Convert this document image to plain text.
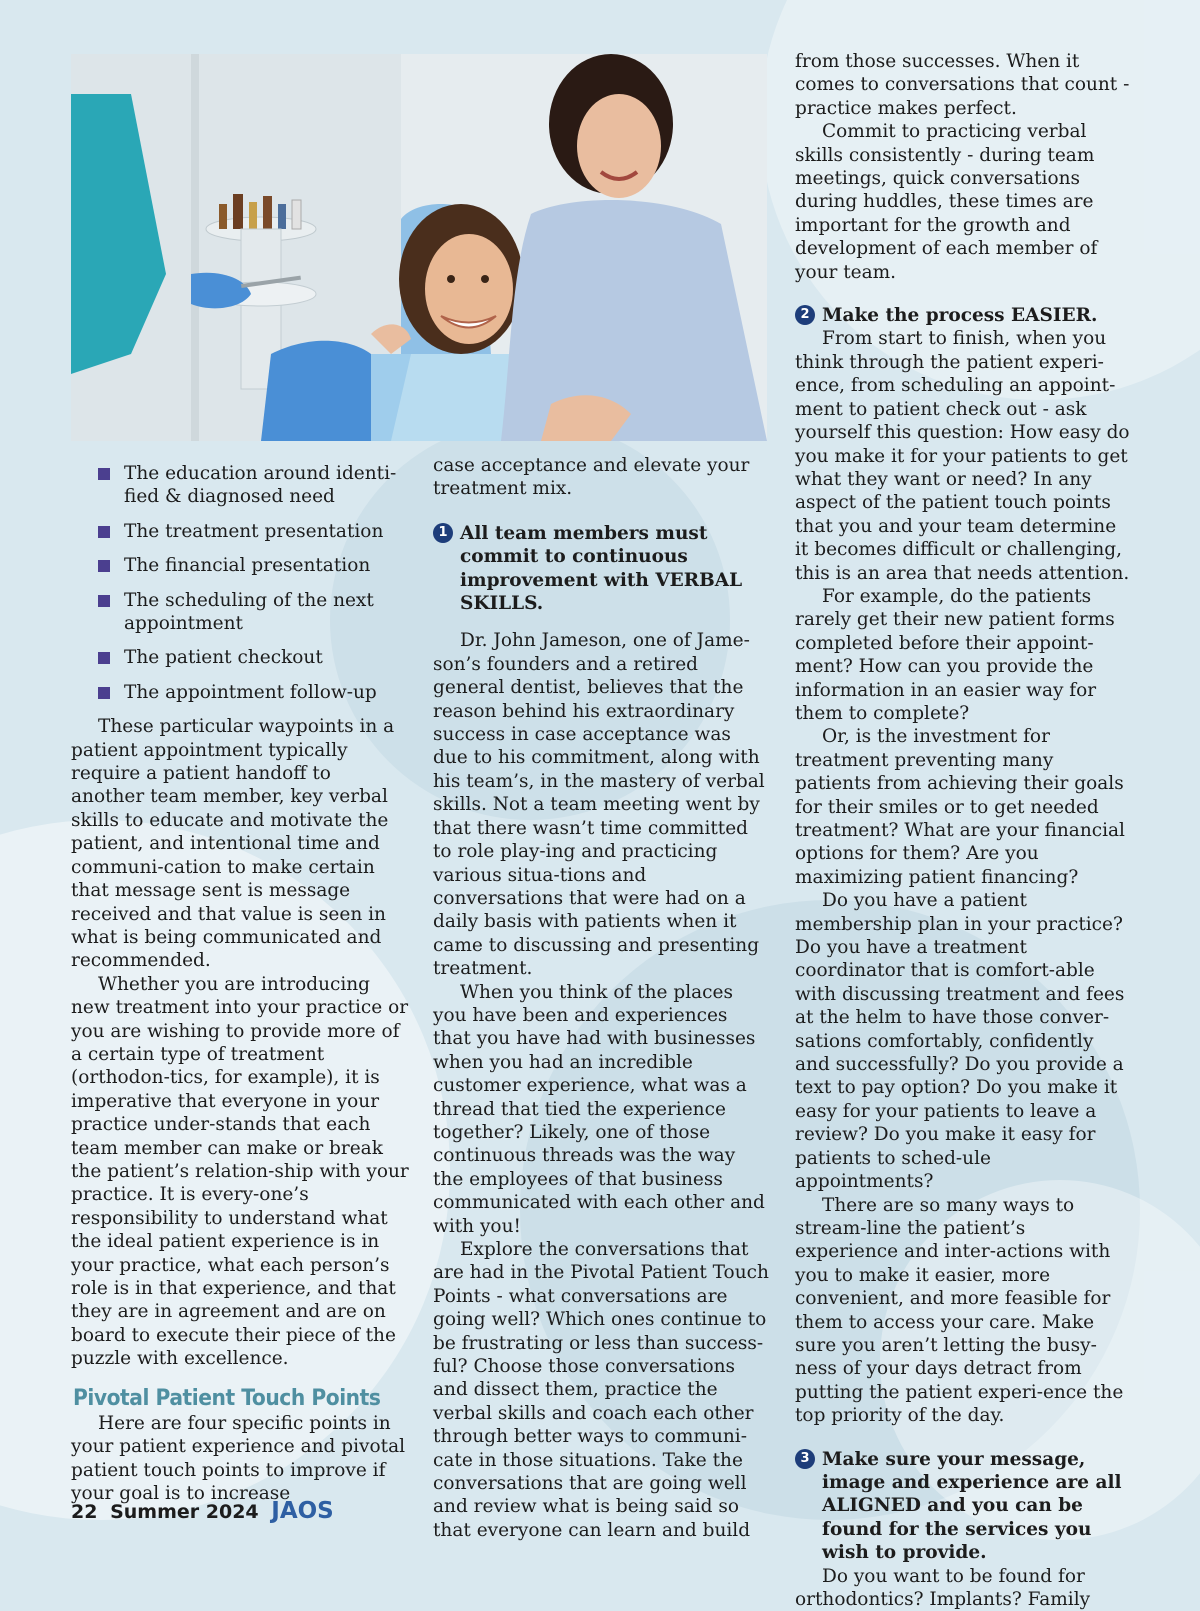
The education around identi-fied & diagnosed need
The treatment presentation
The financial presentation
The scheduling of the next appointment
The patient checkout
The appointment follow-up

These particular waypoints in a patient appointment typically require a patient handoff to another team member, key verbal skills to educate and motivate the patient, and intentional time and communi-cation to make certain that message sent is message received and that value is seen in what is being communicated and recommended.

Whether you are introducing new treatment into your practice or you are wishing to provide more of a certain type of treatment (orthodon-tics, for example), it is imperative that everyone in your practice under-stands that each team member can make or break the patient’s relation-ship with your practice. It is every-one’s responsibility to understand what the ideal patient experience is in your practice, what each person’s role is in that experience, and that they are in agreement and are on board to execute their piece of the puzzle with excellence.

Pivotal Patient Touch Points

Here are four specific points in your patient experience and pivotal patient touch points to improve if your goal is to increase

case acceptance and elevate your treatment mix.

1 All team members must commit to continuous improvement with VERBAL SKILLS.

Dr. John Jameson, one of Jame-son’s founders and a retired general dentist, believes that the reason behind his extraordinary success in case acceptance was due to his commitment, along with his team’s, in the mastery of verbal skills. Not a team meeting went by that there wasn’t time committed to role play-ing and practicing various situa-tions and conversations that were had on a daily basis with patients when it came to discussing and presenting treatment.

When you think of the places you have been and experiences that you have had with businesses when you had an incredible customer experience, what was a thread that tied the experience together? Likely, one of those continuous threads was the way the employees of that business communicated with each other and with you!

Explore the conversations that are had in the Pivotal Patient Touch Points - what conversations are going well? Which ones continue to be frustrating or less than success-ful? Choose those conversations and dissect them, practice the verbal skills and coach each other through better ways to communi-cate in those situations. Take the conversations that are going well and review what is being said so that everyone can learn and build

from those successes. When it comes to conversations that count - practice makes perfect.

Commit to practicing verbal skills consistently - during team meetings, quick conversations during huddles, these times are important for the growth and development of each member of your team.

2 Make the process EASIER.

From start to finish, when you think through the patient experi-ence, from scheduling an appoint-ment to patient check out - ask yourself this question: How easy do you make it for your patients to get what they want or need? In any aspect of the patient touch points that you and your team determine it becomes difficult or challenging, this is an area that needs attention.

For example, do the patients rarely get their new patient forms completed before their appoint-ment? How can you provide the information in an easier way for them to complete?

Or, is the investment for treatment preventing many patients from achieving their goals for their smiles or to get needed treatment? What are your financial options for them? Are you maximizing patient financing?

Do you have a patient membership plan in your practice? Do you have a treatment coordinator that is comfort-able with discussing treatment and fees at the helm to have those conver-sations comfortably, confidently and successfully? Do you provide a text to pay option? Do you make it easy for your patients to leave a review? Do you make it easy for patients to sched-ule appointments?

There are so many ways to stream-line the patient’s experience and inter-actions with you to make it easier, more convenient, and more feasible for them to access your care. Make sure you aren’t letting the busy-ness of your days detract from putting the patient experi-ence the top priority of the day.

3 Make sure your message, image and experience are all ALIGNED and you can be found for the services you wish to provide.

Do you want to be found for orthodontics? Implants? Family

22 Summer 2024 JAOS
